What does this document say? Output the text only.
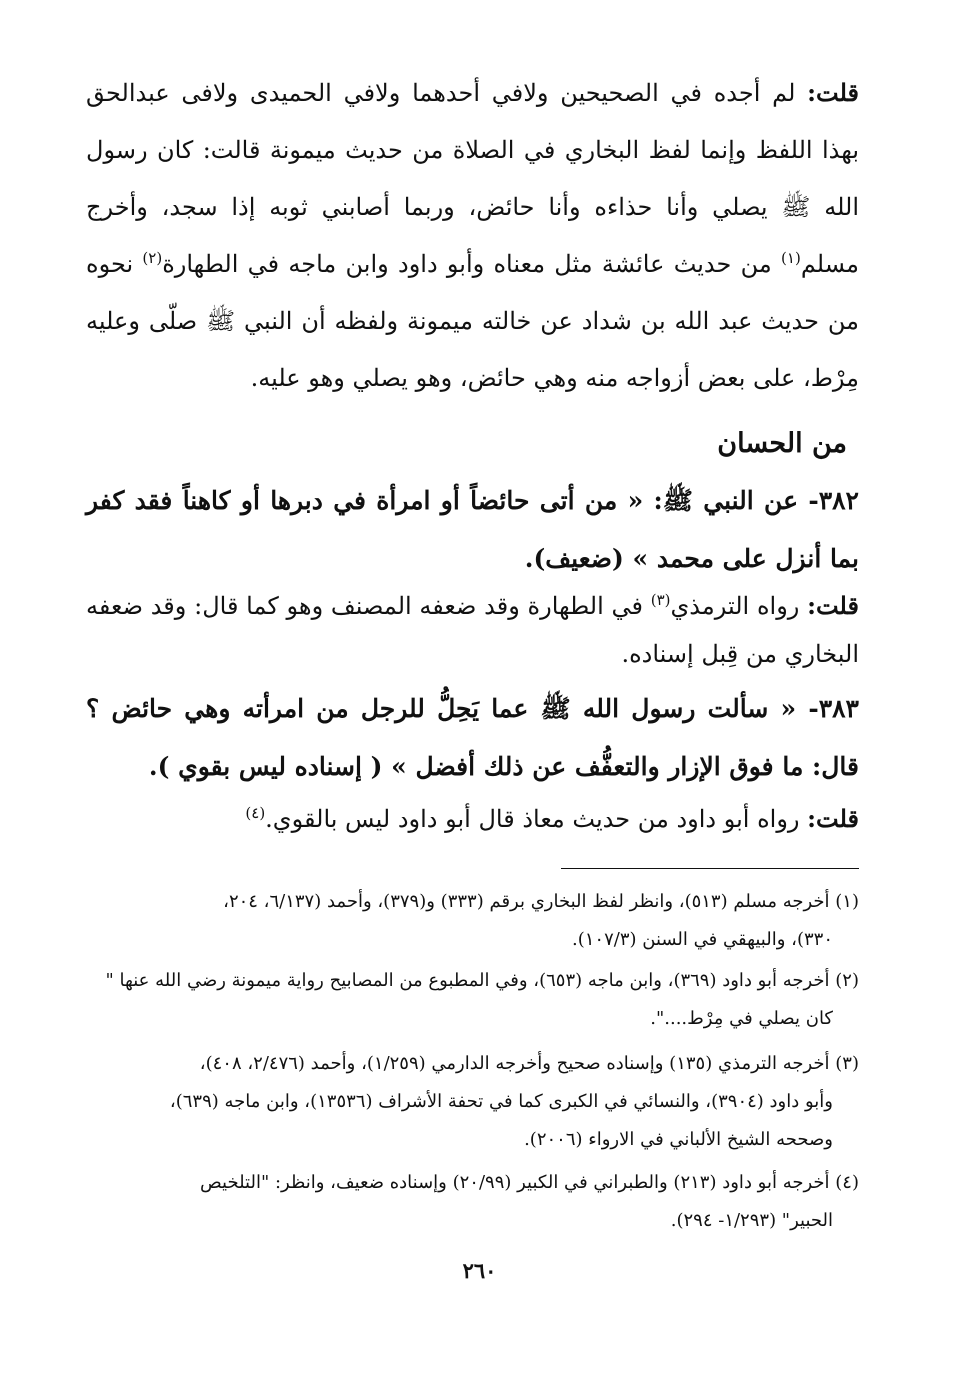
قلت: لم أجده في الصحيحين ولافي أحدهما ولافي الحميدى ولافى عبدالحق بهذا اللفظ وإنما لفظ البخاري في الصلاة من حديث ميمونة قالت: كان رسول الله ﷺ يصلي وأنا حذاءه وأنا حائض، وربما أصابني ثوبه إذا سجد، وأخرج مسلم$^{(١)}$ من حديث عائشة مثل معناه وأبو داود وابن ماجه في الطهارة$^{(٢)}$ نحوه من حديث عبد الله بن شداد عن خالته ميمونة ولفظه أن النبي ﷺ صلّى وعليه مِرْط، على بعض أزواجه منه وهي حائض، وهو يصلي وهو عليه.
من الحسان
٣٨٢- عن النبي ﷺ: « من أتى حائضاً أو امرأة في دبرها أو كاهناً فقد كفر بما أنزل على محمد » (ضعيف).
قلت: رواه الترمذي$^{(٣)}$ في الطهارة وقد ضعفه المصنف وهو كما قال: وقد ضعفه البخاري من قِبل إسناده.
٣٨٣- « سألت رسول الله ﷺ عما يَحِلُّ للرجل من امرأته وهي حائض ؟ قال: ما فوق الإزار والتعفُّف عن ذلك أفضل » ( إسناده ليس بقوي ).
قلت: رواه أبو داود من حديث معاذ قال أبو داود ليس بالقوي.$^{(٤)}$
(١) أخرجه مسلم (٥١٣)، وانظر لفظ البخاري برقم (٣٣٣) و(٣٧٩)، وأحمد (٦/١٣٧، ٢٠٤،
٣٣٠)، والبيهقي في السنن (١٠٧/٣).
(٢) أخرجه أبو داود (٣٦٩)، وابن ماجه (٦٥٣)، وفي المطبوع من المصابيح رواية ميمونة رضي الله عنها "
كان يصلي في مِرْط....".
(٣) أخرجه الترمذي (١٣٥) وإسناده صحيح وأخرجه الدارمي (١/٢٥٩)، وأحمد (٢/٤٧٦، ٤٠٨)،
وأبو داود (٣٩٠٤)، والنسائي في الكبرى كما في تحفة الأشراف (١٣٥٣٦)، وابن ماجه (٦٣٩)،
وصححه الشيخ الألباني في الارواء (٢٠٠٦).
(٤) أخرجه أبو داود (٢١٣) والطبراني في الكبير (٢٠/٩٩) وإسناده ضعيف، وانظر: "التلخيص
الحبير" (١/٢٩٣- ٢٩٤).
٢٦٠
